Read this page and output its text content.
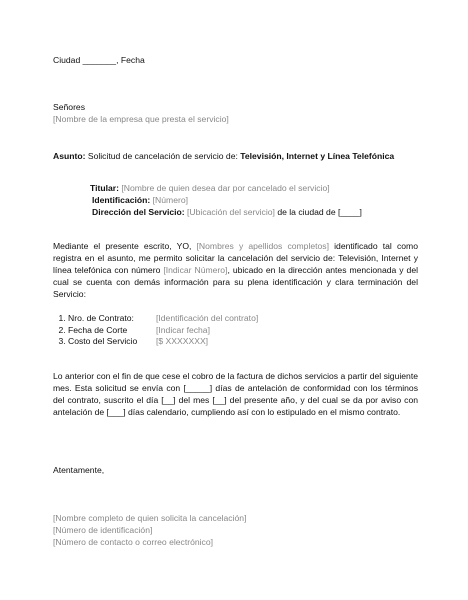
Ciudad _______, Fecha
Señores
[Nombre de la empresa que presta el servicio]
Asunto: Solicitud de cancelación de servicio de: Televisión, Internet y Línea Telefónica
Titular: [Nombre de quien desea dar por cancelado el servicio]
Identificación: [Número]
Dirección del Servicio: [Ubicación del servicio] de la ciudad de [____]
Mediante el presente escrito, YO, [Nombres y apellidos completos] identificado tal como registra en el asunto, me permito solicitar la cancelación del servicio de: Televisión, Internet y línea telefónica con número [Indicar Número], ubicado en la dirección antes mencionada y del cual se cuenta con demás información para su plena identificación y clara terminación del Servicio:
1. Nro. de Contrato:	[Identificación del contrato]
2. Fecha de Corte	[Indicar fecha]
3. Costo del Servicio [$ XXXXXXX]
Lo anterior con el fin de que cese el cobro de la factura de dichos servicios a partir del siguiente mes. Esta solicitud se envía con [_____] días de antelación de conformidad con los términos del contrato, suscrito el día [__] del mes [__] del presente año, y del cual se da por aviso con antelación de [___] días calendario, cumpliendo así con lo estipulado en el mismo contrato.
Atentamente,
[Nombre completo de quien solicita la cancelación]
[Número de identificación]
[Número de contacto o correo electrónico]
